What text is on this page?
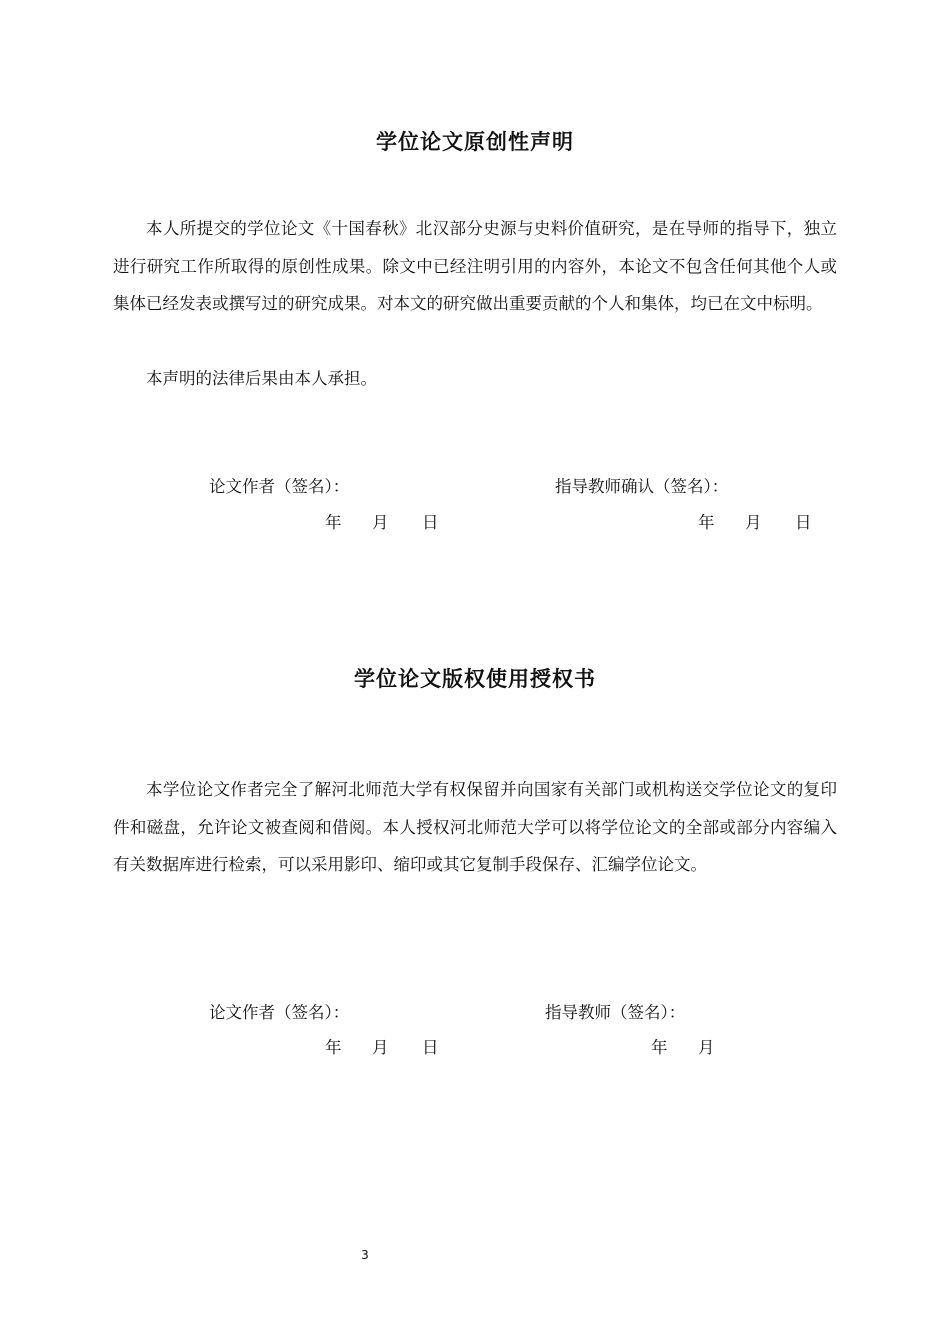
学位论文原创性声明

本人所提交的学位论文《十国春秋》北汉部分史源与史料价值研究，是在导师的指导下，独立进行研究工作所取得的原创性成果。除文中已经注明引用的内容外，本论文不包含任何其他个人或集体已经发表或撰写过的研究成果。对本文的研究做出重要贡献的个人和集体，均已在文中标明。

本声明的法律后果由本人承担。

论文作者（签名）：	指导教师确认（签名）：
年 月 日	年 月 日
学位论文版权使用授权书

本学位论文作者完全了解河北师范大学有权保留并向国家有关部门或机构送交学位论文的复印件和磁盘，允许论文被查阅和借阅。本人授权河北师范大学可以将学位论文的全部或部分内容编入有关数据库进行检索，可以采用影印、缩印或其它复制手段保存、汇编学位论文。

论文作者（签名）：	指导教师（签名）：
年 月 日	年 月
3
